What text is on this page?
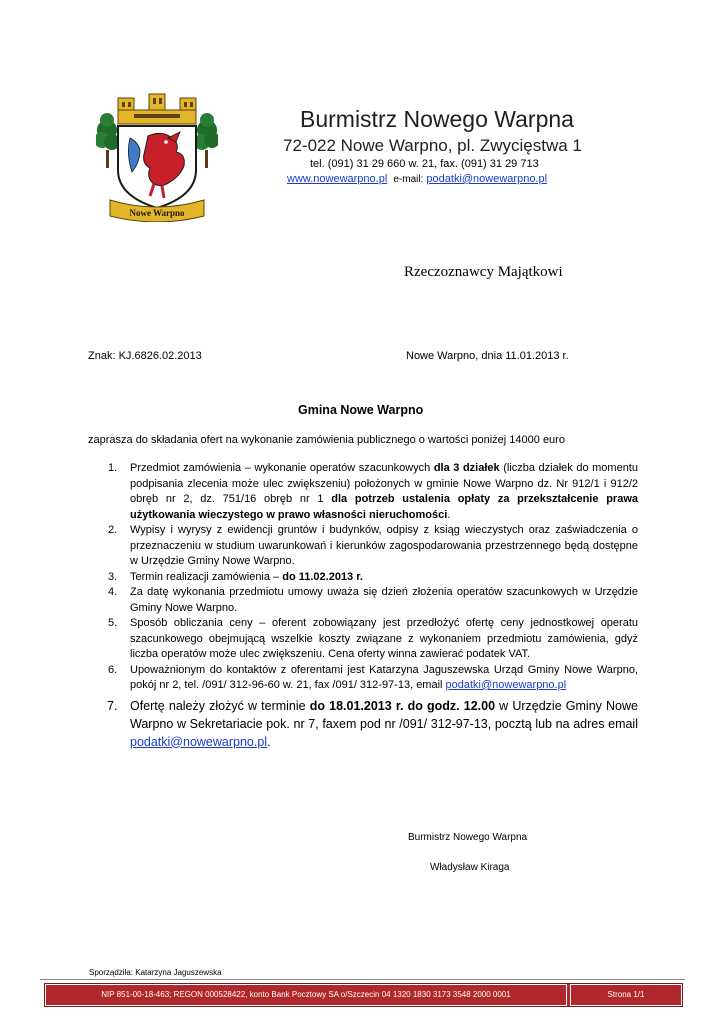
Nowe Warpno
Burmistrz Nowego Warpna
72-022 Nowe Warpno, pl. Zwycięstwa 1
tel. (091) 31 29 660 w. 21, fax. (091) 31 29 713
www.nowewarpno.pl e-mail: podatki@nowewarpno.pl
Rzeczoznawcy Majątkowi
Znak: KJ.6826.02.2013	Nowe Warpno, dnia 11.01.2013 r.
Gmina Nowe Warpno
zaprasza do składania ofert na wykonanie zamówienia publicznego o wartości poniżej 14000 euro
1. Przedmiot zamówienia – wykonanie operatów szacunkowych dla 3 działek (liczba działek do momentu podpisania zlecenia może ulec zwiększeniu) położonych w gminie Nowe Warpno dz. Nr 912/1 i 912/2 obręb nr 2, dz. 751/16 obręb nr 1 dla potrzeb ustalenia opłaty za przekształcenie prawa użytkowania wieczystego w prawo własności nieruchomości.
2. Wypisy i wyrysy z ewidencji gruntów i budynków, odpisy z ksiąg wieczystych oraz zaświadczenia o przeznaczeniu w studium uwarunkowań i kierunków zagospodarowania przestrzennego będą dostępne w Urzędzie Gminy Nowe Warpno.
3. Termin realizacji zamówienia – do 11.02.2013 r.
4. Za datę wykonania przedmiotu umowy uważa się dzień złożenia operatów szacunkowych w Urzędzie Gminy Nowe Warpno.
5. Sposób obliczania ceny – oferent zobowiązany jest przedłożyć ofertę ceny jednostkowej operatu szacunkowego obejmującą wszelkie koszty związane z wykonaniem przedmiotu zamówienia, gdyż liczba operatów może ulec zwiększeniu. Cena oferty winna zawierać podatek VAT.
6. Upoważnionym do kontaktów z oferentami jest Katarzyna Jaguszewska Urząd Gminy Nowe Warpno, pokój nr 2, tel. /091/ 312-96-60 w. 21, fax /091/ 312-97-13, email podatki@nowewarpno.pl
7. Ofertę należy złożyć w terminie do 18.01.2013 r. do godz. 12.00 w Urzędzie Gminy Nowe Warpno w Sekretariacie pok. nr 7, faxem pod nr /091/ 312-97-13, pocztą lub na adres email podatki@nowewarpno.pl.
Burmistrz Nowego Warpna
Władysław Kiraga
Sporządziła: Katarzyna Jaguszewska
NIP 851-00-18-463; REGON 000528422, konto Bank Pocztowy SA o/Szczecin 04 1320 1830 3173 3548 2000 0001	Strona 1/1
